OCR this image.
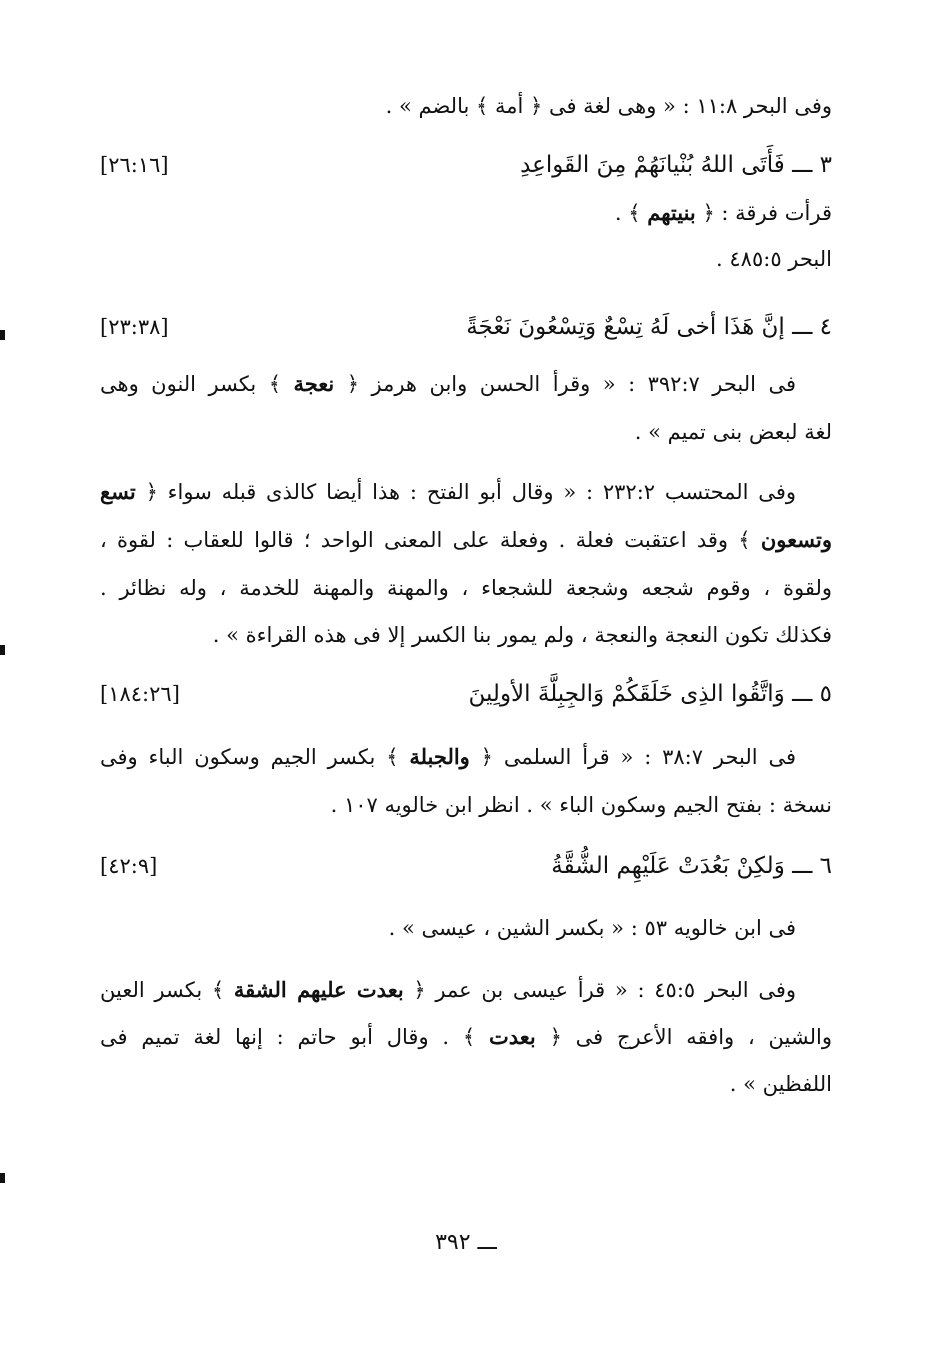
وفى البحر ١١:٨ : « وهى لغة فى ﴿ أمة ﴾ بالضم » .
٣ ـــ فَأَتَى اللهُ بُنْيانَهُمْ مِنَ القَواعِدِ
[٢٦:١٦]
قرأت فرقة : ﴿ بنيتهم ﴾ .
البحر ٤٨٥:٥ .
٤ ـــ إنَّ هَذَا أخى لَهُ تِسْعٌ وَتِسْعُونَ نَعْجَةً
[٢٣:٣٨]
فى البحر ٣٩٢:٧ : « وقرأ الحسن وابن هرمز ﴿ نعجة ﴾ بكسر النون وهى
لغة لبعض بنى تميم » .
وفى المحتسب ٢٣٢:٢ : « وقال أبو الفتح : هذا أيضا كالذى قبله سواء ﴿ تسع
وتسعون ﴾ وقد اعتقبت فعلة . وفعلة على المعنى الواحد ؛ قالوا للعقاب : لقوة ،
ولقوة ، وقوم شجعه وشجعة للشجعاء ، والمهنة والمهنة للخدمة ، وله نظائر .
فكذلك تكون النعجة والنعجة ، ولم يمور بنا الكسر إلا فى هذه القراءة » .
٥ ـــ وَاتَّقُوا الذِى خَلَقَكُمْ وَالجِبِلَّةَ الأولِينَ
[١٨٤:٢٦]
فى البحر ٣٨:٧ : « قرأ السلمى ﴿ والجبلة ﴾ بكسر الجيم وسكون الباء وفى
نسخة : بفتح الجيم وسكون الباء » . انظر ابن خالويه ١٠٧ .
٦ ـــ وَلكِنْ بَعُدَتْ عَلَيْهِم الشُّقَّةُ
[٤٢:٩]
فى ابن خالويه ٥٣ : « بكسر الشين ، عيسى » .
وفى البحر ٤٥:٥ : « قرأ عيسى بن عمر ﴿ بعدت عليهم الشقة ﴾ بكسر العين
والشين ، وافقه الأعرج فى ﴿ بعدت ﴾ . وقال أبو حاتم : إنها لغة تميم فى
اللفظين » .
ـــ ٣٩٢
